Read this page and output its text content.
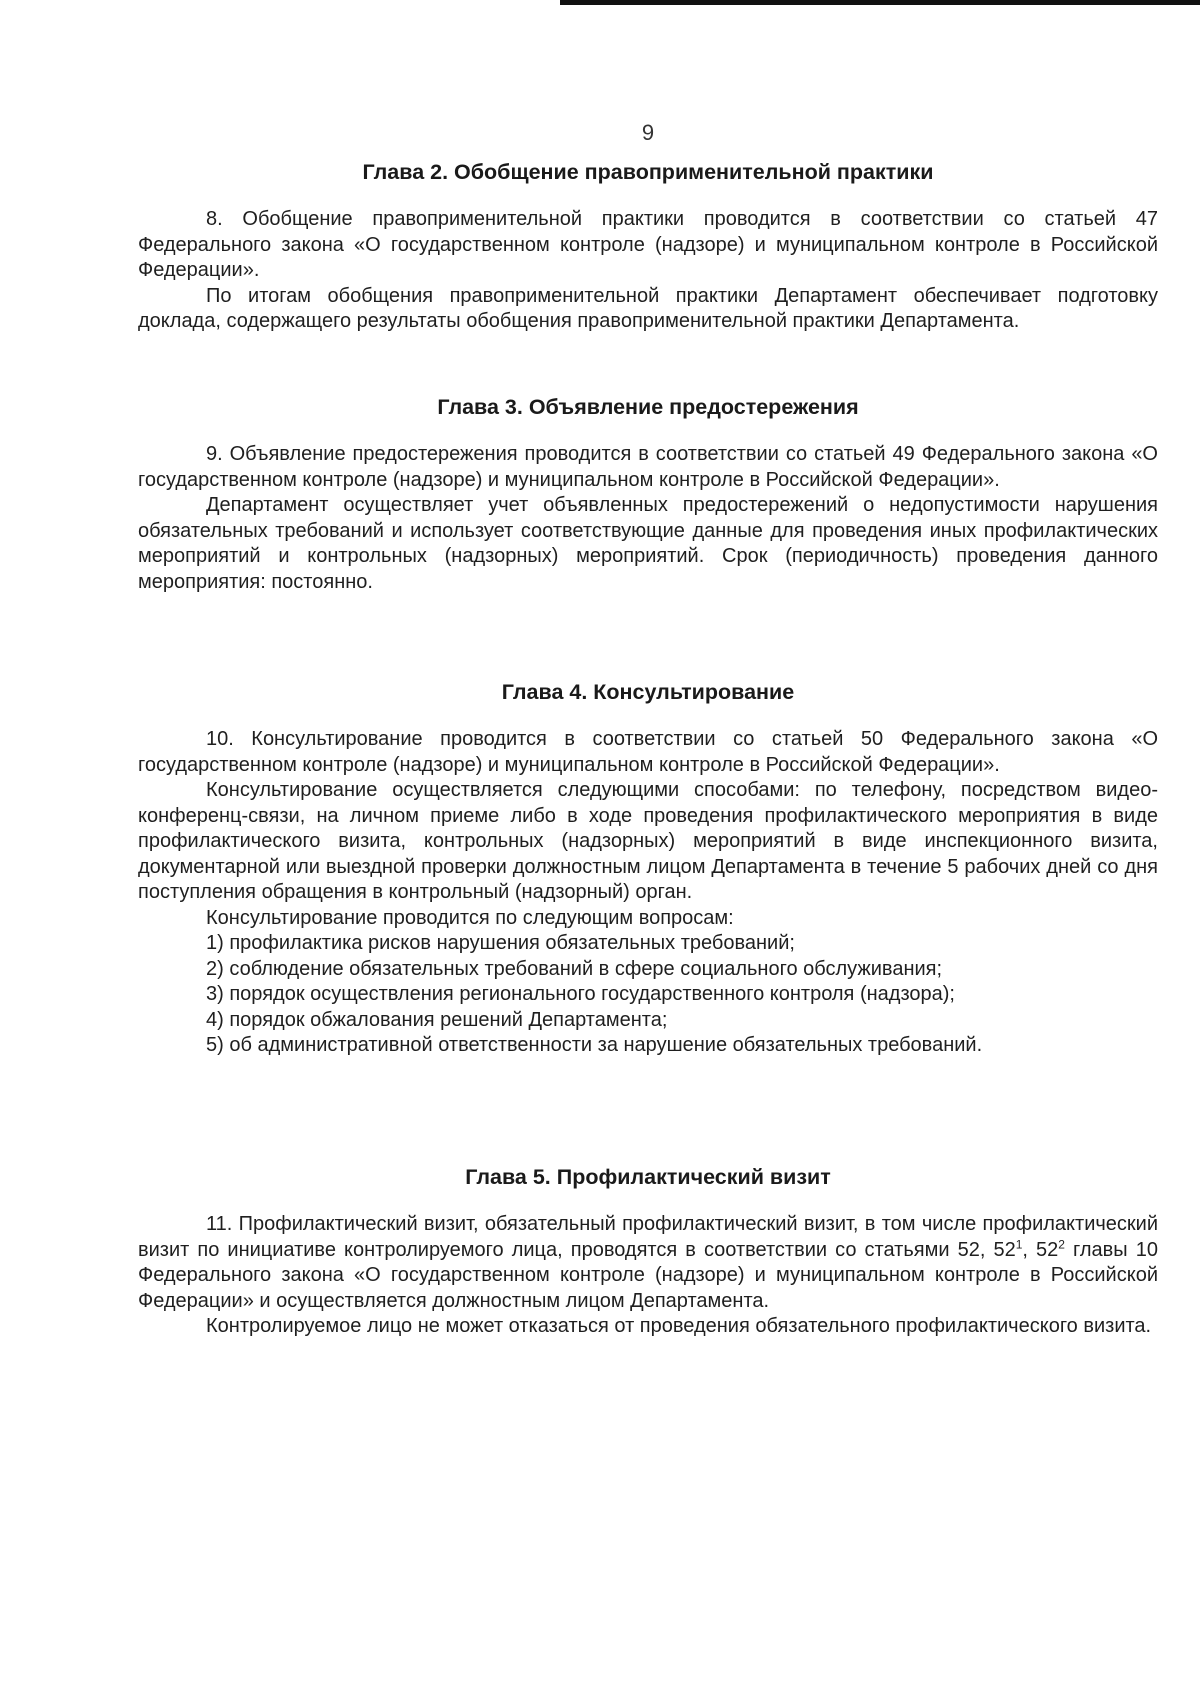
9
Глава 2. Обобщение правоприменительной практики

8. Обобщение правоприменительной практики проводится в соответствии со статьей 47 Федерального закона «О государственном контроле (надзоре) и муниципальном контроле в Российской Федерации».

По итогам обобщения правоприменительной практики Департамент обеспечивает подготовку доклада, содержащего результаты обобщения правоприменительной практики Департамента.

Глава 3. Объявление предостережения

9. Объявление предостережения проводится в соответствии со статьей 49 Федерального закона «О государственном контроле (надзоре) и муниципальном контроле в Российской Федерации».

Департамент осуществляет учет объявленных предостережений о недопустимости нарушения обязательных требований и использует соответствующие данные для проведения иных профилактических мероприятий и контрольных (надзорных) мероприятий. Срок (периодичность) проведения данного мероприятия: постоянно.

Глава 4. Консультирование

10. Консультирование проводится в соответствии со статьей 50 Федерального закона «О государственном контроле (надзоре) и муниципальном контроле в Российской Федерации».

Консультирование осуществляется следующими способами: по телефону, посредством видео-конференц-связи, на личном приеме либо в ходе проведения профилактического мероприятия в виде профилактического визита, контрольных (надзорных) мероприятий в виде инспекционного визита, документарной или выездной проверки должностным лицом Департамента в течение 5 рабочих дней со дня поступления обращения в контрольный (надзорный) орган.

Консультирование проводится по следующим вопросам:

1) профилактика рисков нарушения обязательных требований;

2) соблюдение обязательных требований в сфере социального обслуживания;

3) порядок осуществления регионального государственного контроля (надзора);

4) порядок обжалования решений Департамента;

5) об административной ответственности за нарушение обязательных требований.

Глава 5. Профилактический визит

11. Профилактический визит, обязательный профилактический визит, в том числе профилактический визит по инициативе контролируемого лица, проводятся в соответствии со статьями 52, $52^1$, $52^2$ главы 10 Федерального закона «О государственном контроле (надзоре) и муниципальном контроле в Российской Федерации» и осуществляется должностным лицом Департамента.

Контролируемое лицо не может отказаться от проведения обязательного профилактического визита.
